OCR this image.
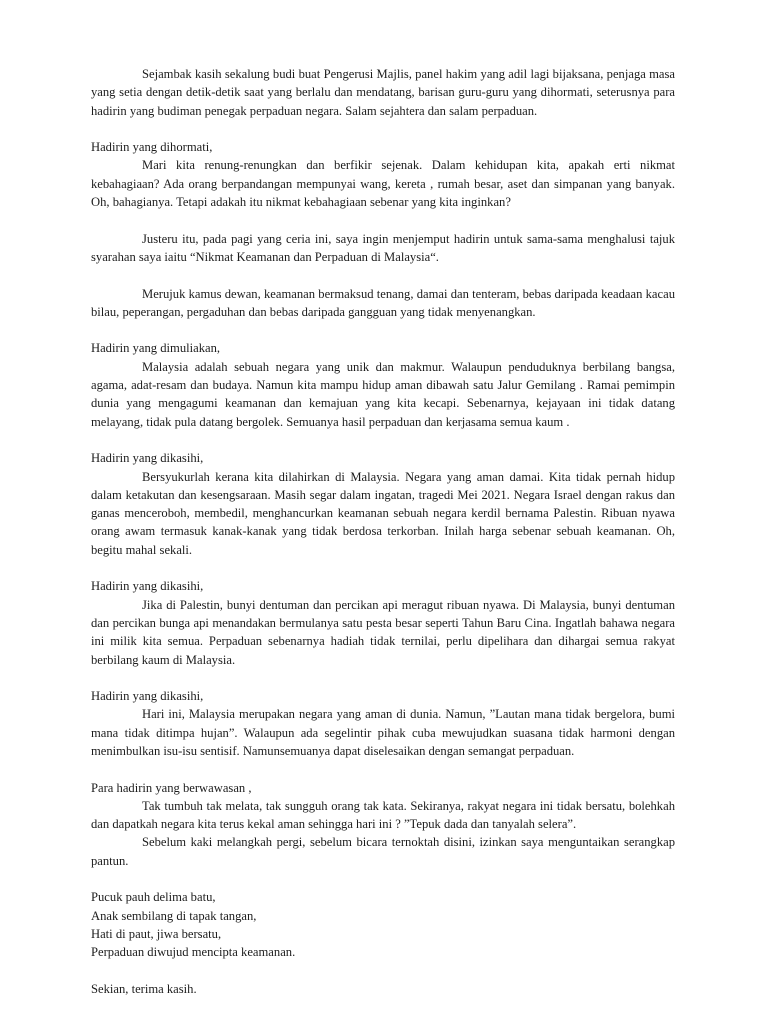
Sejambak kasih sekalung budi buat Pengerusi Majlis, panel hakim yang adil lagi bijaksana, penjaga masa yang setia dengan detik-detik saat yang berlalu dan mendatang, barisan guru-guru yang dihormati, seterusnya para hadirin yang budiman penegak perpaduan negara. Salam sejahtera dan salam perpaduan.

Hadirin yang dihormati,

Mari kita renung-renungkan dan berfikir sejenak. Dalam kehidupan kita, apakah erti nikmat kebahagiaan? Ada orang berpandangan mempunyai wang, kereta , rumah besar, aset dan simpanan yang banyak. Oh, bahagianya. Tetapi adakah itu nikmat kebahagiaan sebenar yang kita inginkan?

Justeru itu, pada pagi yang ceria ini, saya ingin menjemput hadirin untuk sama-sama menghalusi tajuk syarahan saya iaitu “Nikmat Keamanan dan Perpaduan di Malaysia“.

Merujuk kamus dewan, keamanan bermaksud tenang, damai dan tenteram, bebas daripada keadaan kacau bilau, peperangan, pergaduhan dan bebas daripada gangguan yang tidak menyenangkan.

Hadirin yang dimuliakan,

Malaysia adalah sebuah negara yang unik dan makmur. Walaupun penduduknya berbilang bangsa, agama, adat-resam dan budaya. Namun kita mampu hidup aman dibawah satu Jalur Gemilang . Ramai pemimpin dunia yang mengagumi keamanan dan kemajuan yang kita kecapi. Sebenarnya, kejayaan ini tidak datang melayang, tidak pula datang bergolek. Semuanya hasil perpaduan dan kerjasama semua kaum .

Hadirin yang dikasihi,

Bersyukurlah kerana kita dilahirkan di Malaysia. Negara yang aman damai. Kita tidak pernah hidup dalam ketakutan dan kesengsaraan. Masih segar dalam ingatan, tragedi Mei 2021. Negara Israel dengan rakus dan ganas menceroboh, membedil, menghancurkan keamanan sebuah negara kerdil bernama Palestin. Ribuan nyawa orang awam termasuk kanak-kanak yang tidak berdosa terkorban. Inilah harga sebenar sebuah keamanan. Oh, begitu mahal sekali.

Hadirin yang dikasihi,

Jika di Palestin, bunyi dentuman dan percikan api meragut ribuan nyawa. Di Malaysia, bunyi dentuman dan percikan bunga api menandakan bermulanya satu pesta besar seperti Tahun Baru Cina. Ingatlah bahawa negara ini milik kita semua. Perpaduan sebenarnya hadiah tidak ternilai, perlu dipelihara dan dihargai semua rakyat berbilang kaum di Malaysia.

Hadirin yang dikasihi,

Hari ini, Malaysia merupakan negara yang aman di dunia. Namun, ”Lautan mana tidak bergelora, bumi mana tidak ditimpa hujan”. Walaupun ada segelintir pihak cuba mewujudkan suasana tidak harmoni dengan menimbulkan isu-isu sentisif. Namunsemuanya dapat diselesaikan dengan semangat perpaduan.

Para hadirin yang berwawasan ,

Tak tumbuh tak melata, tak sungguh orang tak kata. Sekiranya, rakyat negara ini tidak bersatu, bolehkah dan dapatkah negara kita terus kekal aman sehingga hari ini ? ”Tepuk dada dan tanyalah selera”.

Sebelum kaki melangkah pergi, sebelum bicara ternoktah disini, izinkan saya menguntaikan serangkap pantun.

Pucuk pauh delima batu,
Anak sembilang di tapak tangan,
Hati di paut, jiwa bersatu,
Perpaduan diwujud mencipta keamanan.

Sekian, terima kasih.
